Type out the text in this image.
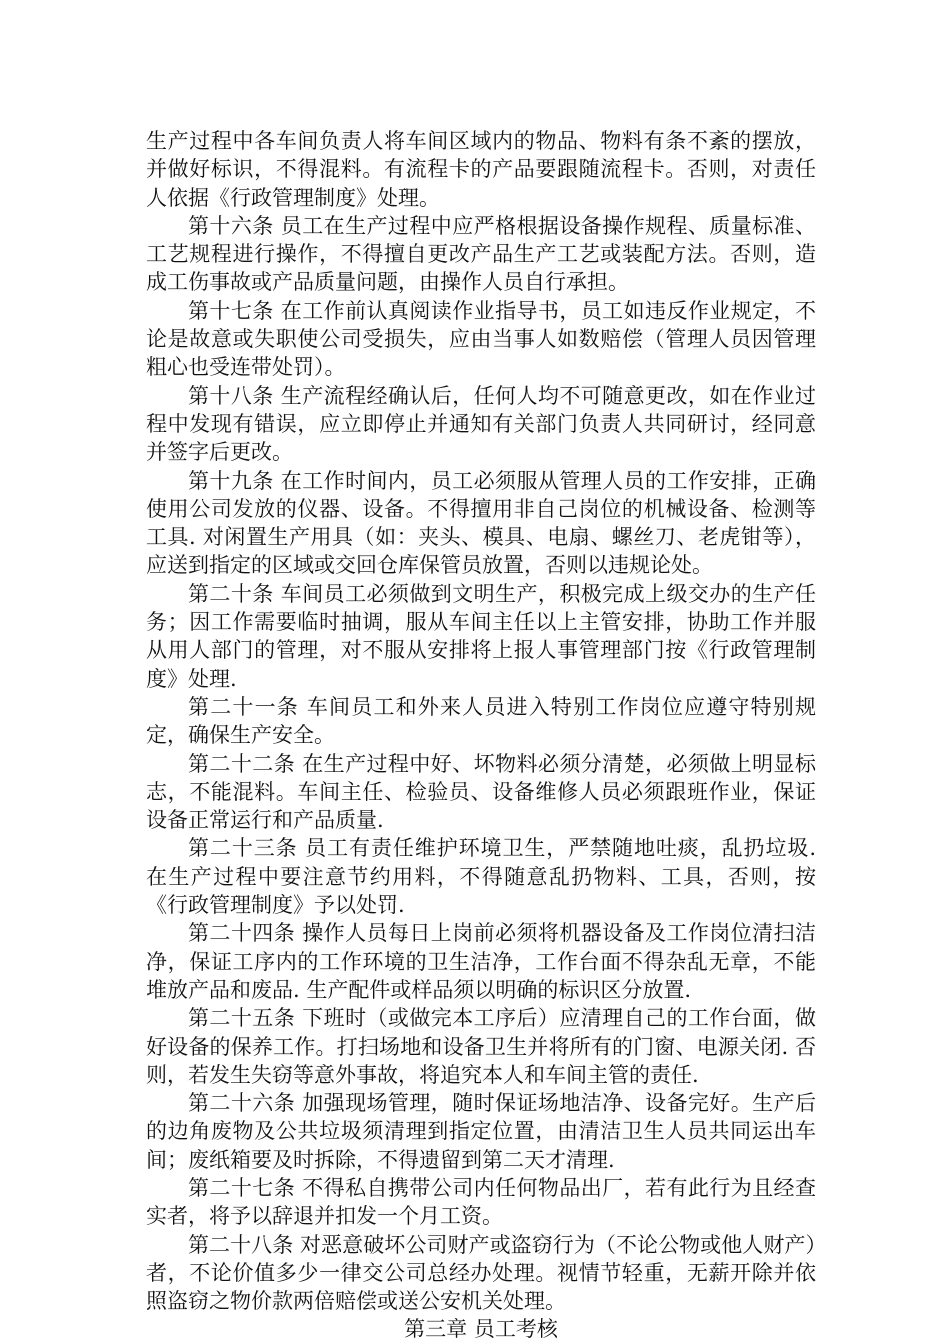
生产过程中各车间负责人将车间区域内的物品、物料有条不紊的摆放，并做好标识，不得混料。有流程卡的产品要跟随流程卡。否则，对责任人依据《行政管理制度》处理。

第十六条 员工在生产过程中应严格根据设备操作规程、质量标准、工艺规程进行操作，不得擅自更改产品生产工艺或装配方法。否则，造成工伤事故或产品质量问题，由操作人员自行承担。

第十七条 在工作前认真阅读作业指导书，员工如违反作业规定，不论是故意或失职使公司受损失，应由当事人如数赔偿（管理人员因管理粗心也受连带处罚）。

第十八条 生产流程经确认后，任何人均不可随意更改，如在作业过程中发现有错误，应立即停止并通知有关部门负责人共同研讨，经同意并签字后更改。

第十九条 在工作时间内，员工必须服从管理人员的工作安排，正确使用公司发放的仪器、设备。不得擅用非自己岗位的机械设备、检测等工具. 对闲置生产用具（如：夹头、模具、电扇、螺丝刀、老虎钳等），应送到指定的区域或交回仓库保管员放置，否则以违规论处。

第二十条 车间员工必须做到文明生产，积极完成上级交办的生产任务；因工作需要临时抽调，服从车间主任以上主管安排，协助工作并服从用人部门的管理，对不服从安排将上报人事管理部门按《行政管理制度》处理.

第二十一条 车间员工和外来人员进入特别工作岗位应遵守特别规定，确保生产安全。

第二十二条 在生产过程中好、坏物料必须分清楚，必须做上明显标志，不能混料。车间主任、检验员、设备维修人员必须跟班作业，保证设备正常运行和产品质量.

第二十三条 员工有责任维护环境卫生，严禁随地吐痰，乱扔垃圾. 在生产过程中要注意节约用料，不得随意乱扔物料、工具，否则，按《行政管理制度》予以处罚.

第二十四条 操作人员每日上岗前必须将机器设备及工作岗位清扫洁净，保证工序内的工作环境的卫生洁净，工作台面不得杂乱无章，不能堆放产品和废品. 生产配件或样品须以明确的标识区分放置.

第二十五条 下班时（或做完本工序后）应清理自己的工作台面，做好设备的保养工作。打扫场地和设备卫生并将所有的门窗、电源关闭. 否则，若发生失窃等意外事故，将追究本人和车间主管的责任.

第二十六条 加强现场管理，随时保证场地洁净、设备完好。生产后的边角废物及公共垃圾须清理到指定位置，由清洁卫生人员共同运出车间；废纸箱要及时拆除，不得遗留到第二天才清理.

第二十七条 不得私自携带公司内任何物品出厂，若有此行为且经查实者，将予以辞退并扣发一个月工资。

第二十八条 对恶意破坏公司财产或盗窃行为（不论公物或他人财产）者，不论价值多少一律交公司总经办处理。视情节轻重，无薪开除并依照盗窃之物价款两倍赔偿或送公安机关处理。

第三章 员工考核
